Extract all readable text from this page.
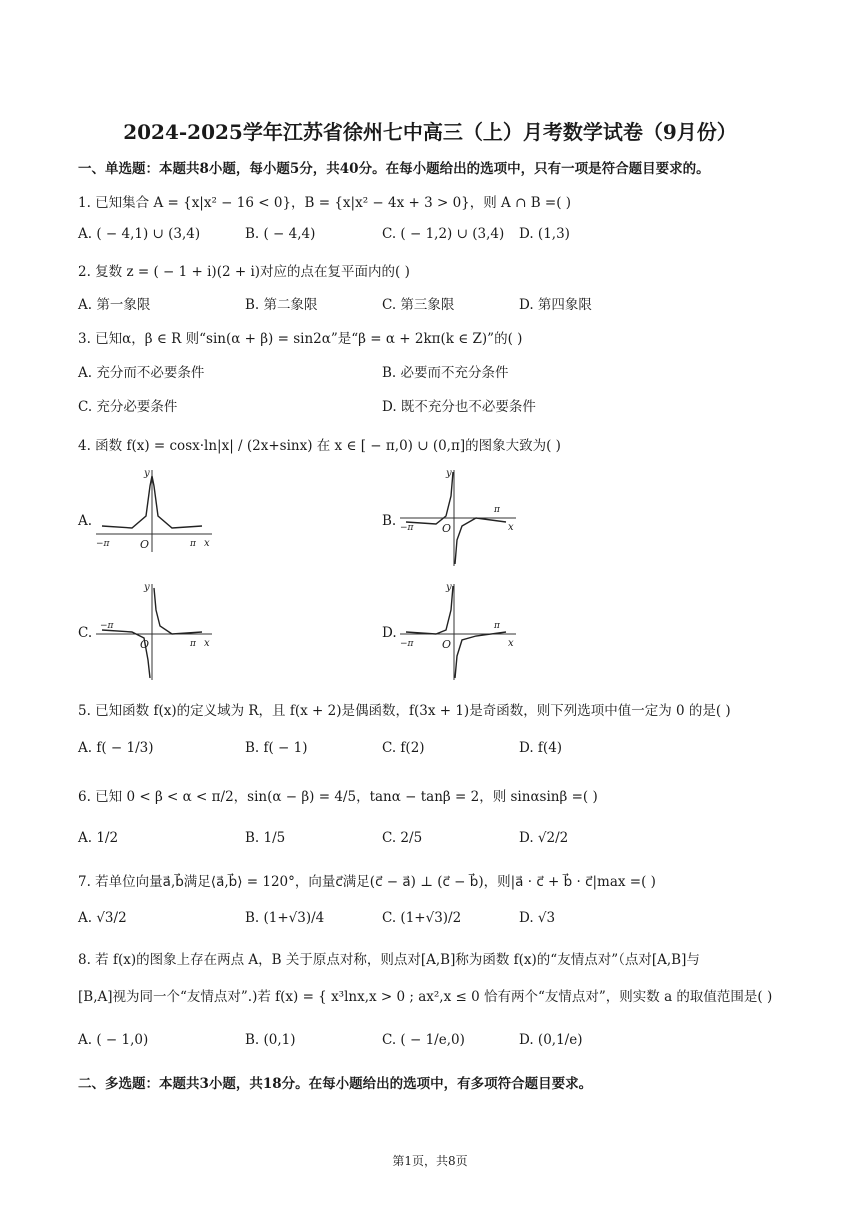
2024-2025学年江苏省徐州七中高三（上）月考数学试卷（9月份）
一、单选题：本题共8小题，每小题5分，共40分。在每小题给出的选项中，只有一项是符合题目要求的。
1. 已知集合 A = {x|x² − 16 < 0}，B = {x|x² − 4x + 3 > 0}，则 A ∩ B =( )
A. ( − 4,1) ∪ (3,4)	B. ( − 4,4)	C. ( − 1,2) ∪ (3,4) D. (1,3)
2. 复数 z = ( − 1 + i)(2 + i)对应的点在复平面内的( )
A. 第一象限	B. 第二象限	C. 第三象限	D. 第四象限
3. 已知α，β ∈ R 则“sin(α + β) = sin2α”是“β = α + 2kπ(k ∈ Z)”的( )
A. 充分而不必要条件	B. 必要而不充分条件
C. 充分必要条件	D. 既不充分也不必要条件
4. 函数 f(x) = cosx·ln|x| / (2x+sinx) 在 x ∈ [ − π,0) ∪ (0,π]的图象大致为( )
A.
y
x
O
−π	π
B.
y
x
O
−π
π
C.
y
x
O
−π
π
D.
y
x
O
−π
π
5. 已知函数 f(x)的定义域为 R，且 f(x + 2)是偶函数，f(3x + 1)是奇函数，则下列选项中值一定为 0 的是( )
A. f( − 1/3)	B. f( − 1)	C. f(2)	D. f(4)
6. 已知 0 < β < α < π/2，sin(α − β) = 4/5，tanα − tanβ = 2，则 sinαsinβ =( )
A. 1/2	B. 1/5	C. 2/5	D. √2/2
7. 若单位向量a⃗,b⃗满足⟨a⃗,b⃗⟩ = 120°，向量c⃗满足(c⃗ − a⃗) ⊥ (c⃗ − b⃗)，则|a⃗ · c⃗ + b⃗ · c⃗|max =( )
A. √3/2	B. (1+√3)/4	C. (1+√3)/2	D. √3
8. 若 f(x)的图象上存在两点 A，B 关于原点对称，则点对[A,B]称为函数 f(x)的“友情点对”（点对[A,B]与
[B,A]视为同一个“友情点对”.)若 f(x) = { x³lnx,x > 0 ; ax²,x ≤ 0 恰有两个“友情点对”，则实数 a 的取值范围是( )
A. ( − 1,0)	B. (0,1)	C. ( − 1/e,0)	D. (0,1/e)
二、多选题：本题共3小题，共18分。在每小题给出的选项中，有多项符合题目要求。
第1页，共8页
